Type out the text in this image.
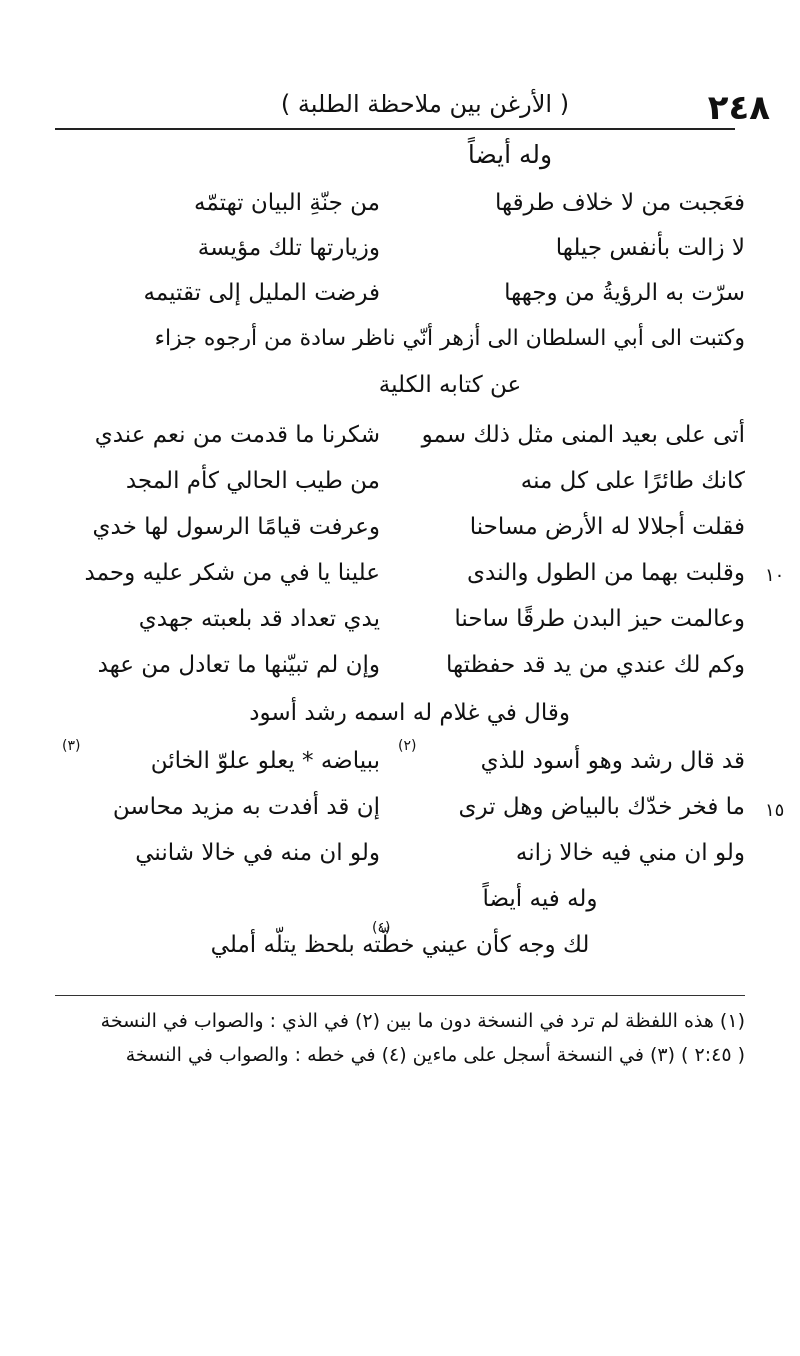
( الأرغن بين ملاحظة الطلبة )	٢٤٨
وله أيضاً
فعَجبت من لا خلاف طرقها
من جنّةِ البيان تهتمّه
لا زالت بأنفس جيلها
وزيارتها تلك مؤيسة
سرّت به الرؤيةُ من وجهها
فرضت المليل إلى تقتيمه
وكتبت الى أبي السلطان الى أزهر أنّي ناظر سادة من أرجوه جزاء
عن كتابه الكلية
أتى على بعيد المنى مثل ذلك سمو
شكرنا ما قدمت من نعم عندي
كانك طائرًا على كل منه
من طيب الحالي كأم المجد
فقلت أجلالا له الأرض مساحنا
وعرفت قيامًا الرسول لها خدي
وقلبت بهما من الطول والندى
علينا يا في من شكر عليه وحمد	١٠
وعالمت حيز البدن طرقًا ساحنا
يدي تعداد قد بلعبته جهدي
وكم لك عندي من يد قد حفظتها
وإن لم تبيّنها ما تعادل من عهد
وقال في غلام له اسمه رشد أسود
قد قال رشد وهو أسود للذي
ببياضه * يعلو علوّ الخائن
ما فخر خدّك بالبياض وهل ترى
إن قد أفدت به مزيد محاسن	١٥
ولو ان مني فيه خالا زانه
ولو ان منه في خالا شانني
وله فيه أيضاً
لك وجه كأن عيني خطّته بلحظ يتلّه أملي
(٢)
(٣)
(٤)
(١) هذه اللفظة لم ترد في النسخة دون ما بين (٢) في الذي : والصواب في النسخة
( ٢:٤٥ ) (٣) في النسخة أسجل على ماءين (٤) في خطه : والصواب في النسخة
